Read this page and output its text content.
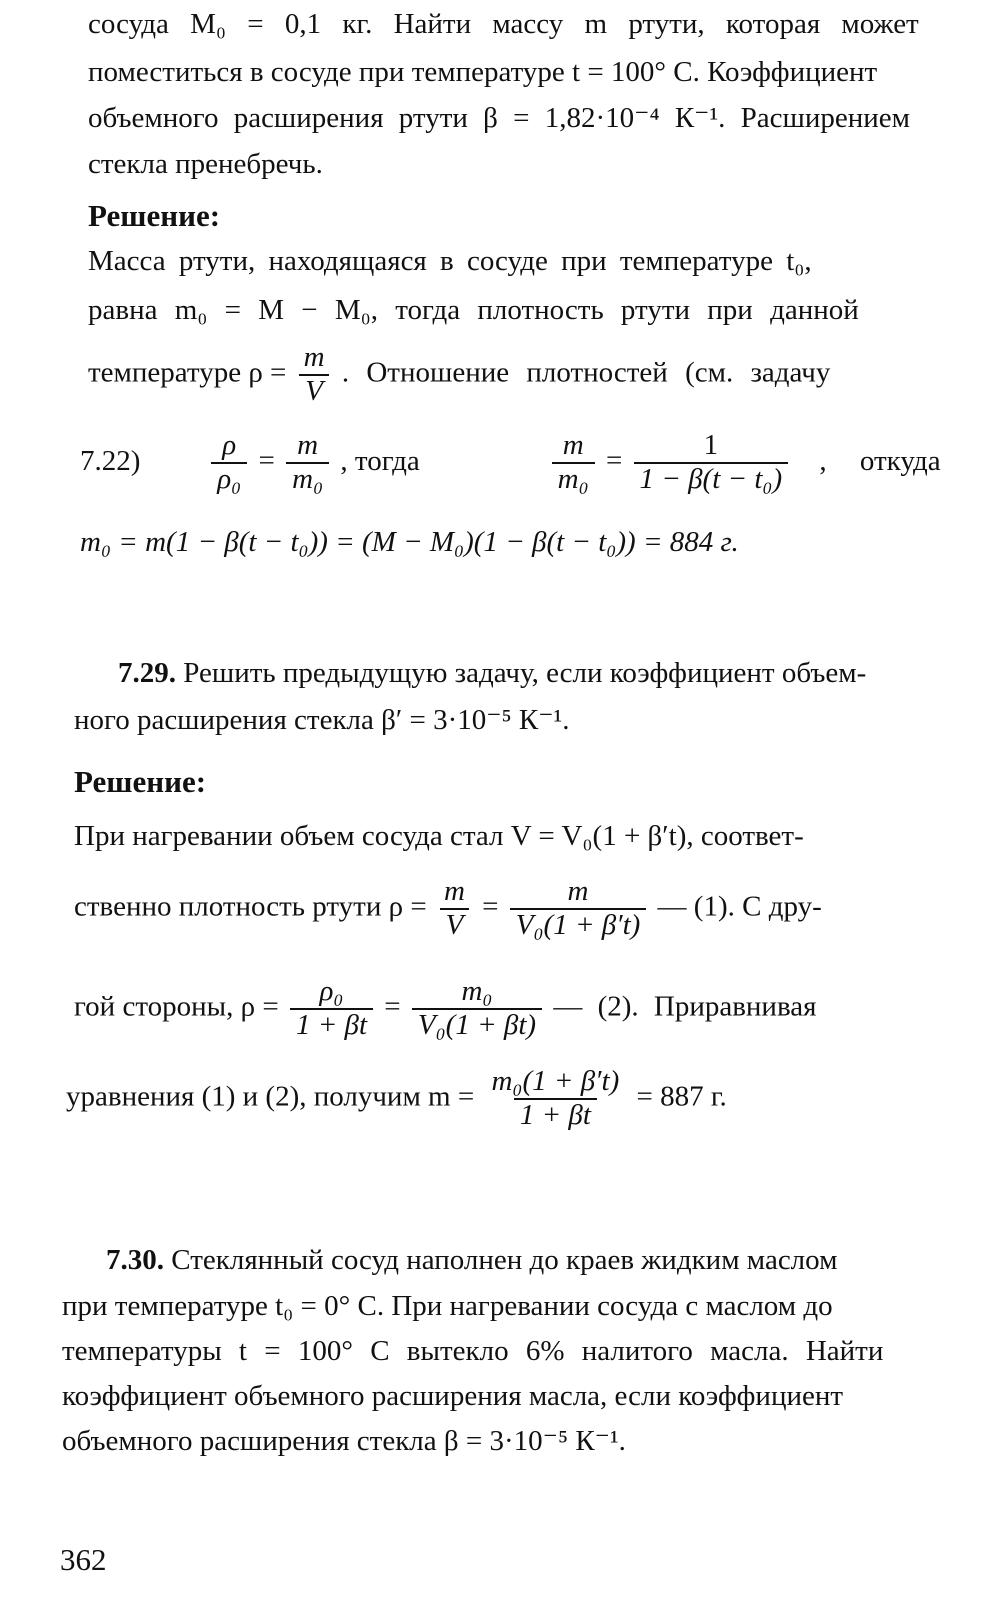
сосуда M₀ = 0,1 кг. Найти массу m ртути, которая может
поместиться в сосуде при температуре t = 100° С. Коэффициент
объемного расширения ртути β = 1,82·10⁻⁴ К⁻¹. Расширением
стекла пренебречь.
Решение:
Масса ртути, находящаяся в сосуде при температуре t₀,
равна m₀ = M − M₀, тогда плотность ртути при данной
температуре $\rho = \frac{m}{V}$ . Отношение плотностей (см. задачу
$7.22) \frac{\rho}{\text{ρ₀}} = \frac{m}{\text{m₀}}$ , тогда	$\frac{m}{\text{m₀}} = \frac{1}{\text{1 − β(t − t₀)}}$ , откуда
m₀ = m(1 − β(t − t₀)) = (M − M₀)(1 − β(t − t₀)) = 884 г.
7.29. Решить предыдущую задачу, если коэффициент объем-
ного расширения стекла β′ = 3·10⁻⁵ К⁻¹.
Решение:
При нагревании объем сосуда стал V = V₀(1 + β′t), соответ-
ственно плотность ртути $\rho = \frac{m}{V} = \frac{m}{\text{V₀(1 + β′t)}}$ — (1). С дру-
гой стороны, $\rho = \frac{\text{ρ₀}}{1 + \beta t} = \frac{\text{m₀}}{\text{V₀(1 + βt)}}$ — (2). Приравнивая
уравнения (1) и (2), получим $m = \frac{\text{m₀(1 + β′t)}}{1 + \beta t} = 887$ г.
7.30. Стеклянный сосуд наполнен до краев жидким маслом
при температуре t₀ = 0° С. При нагревании сосуда с маслом до
температуры t = 100° С вытекло 6% налитого масла. Найти
коэффициент объемного расширения масла, если коэффициент
объемного расширения стекла β = 3·10⁻⁵ К⁻¹.
362
